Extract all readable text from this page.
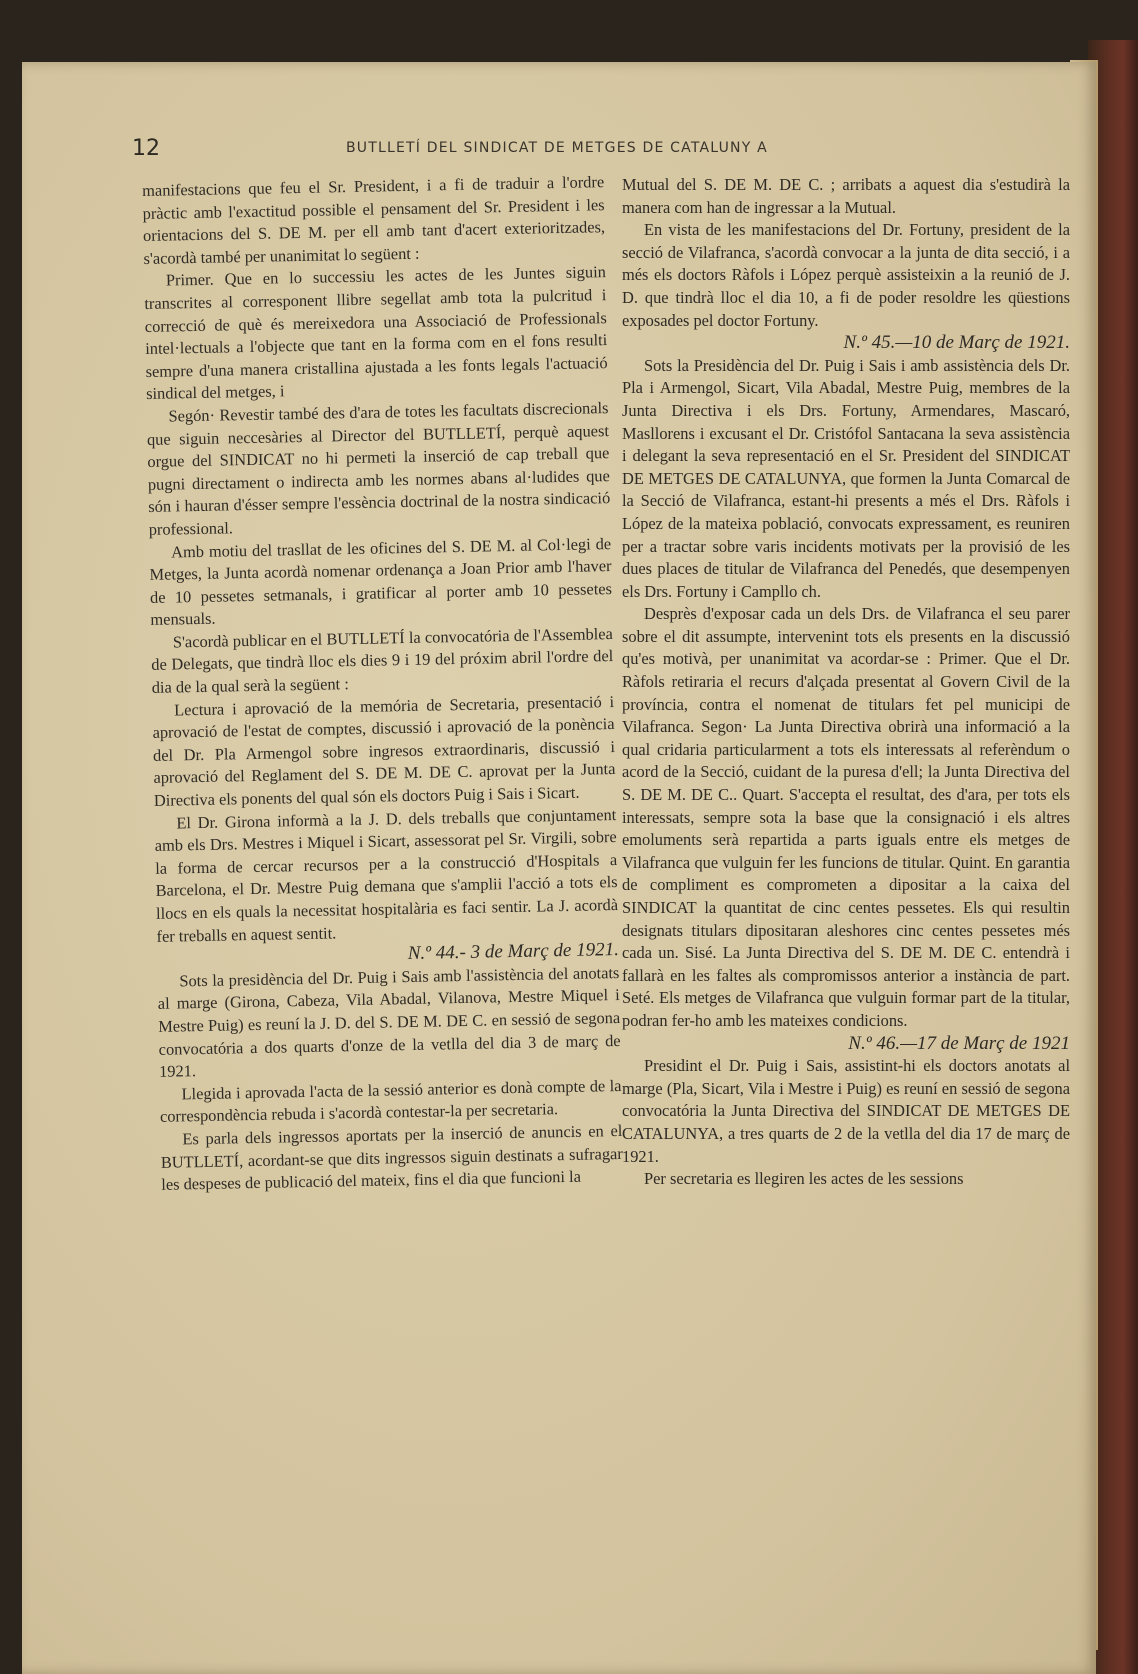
12	BUTLLETÍ DEL SINDICAT DE METGES DE CATALUNY A

manifestacions que feu el Sr. President, i a fi de traduir a l'ordre pràctic amb l'exactitud possible el pensament del Sr. President i les orientacions del S. DE M. per ell amb tant d'acert exterioritzades, s'acordà també per unanimitat lo següent :

Primer. Que en lo successiu les actes de les Juntes siguin transcrites al corresponent llibre segellat amb tota la pulcritud i correcció de què és mereixedora una Associació de Professionals intel·lectuals a l'objecte que tant en la forma com en el fons resulti sempre d'una manera cristallina ajustada a les fonts legals l'actuació sindical del metges, i

Segón· Revestir també des d'ara de totes les facultats discrecionals que siguin neccesàries al Director del BUTLLETÍ, perquè aquest orgue del SINDICAT no hi permeti la inserció de cap treball que pugni directament o indirecta amb les normes abans al·ludides que són i hauran d'ésser sempre l'essència doctrinal de la nostra sindicació professional.

Amb motiu del trasllat de les oficines del S. DE M. al Col·legi de Metges, la Junta acordà nomenar ordenança a Joan Prior amb l'haver de 10 pessetes setmanals, i gratificar al porter amb 10 pessetes mensuals.

S'acordà publicar en el BUTLLETÍ la convocatória de l'Assemblea de Delegats, que tindrà lloc els dies 9 i 19 del próxim abril l'ordre del dia de la qual serà la següent :

Lectura i aprovació de la memória de Secretaria, presentació i aprovació de l'estat de comptes, discussió i aprovació de la ponència del Dr. Pla Armengol sobre ingresos extraordinaris, discussió i aprovació del Reglament del S. DE M. DE C. aprovat per la Junta Directiva els ponents del qual són els doctors Puig i Sais i Sicart.

El Dr. Girona informà a la J. D. dels treballs que conjuntament amb els Drs. Mestres i Miquel i Sicart, assessorat pel Sr. Virgili, sobre la forma de cercar recursos per a la construcció d'Hospitals a Barcelona, el Dr. Mestre Puig demana que s'amplii l'acció a tots els llocs en els quals la necessitat hospitalària es faci sentir. La J. acordà fer treballs en aquest sentit.

N.º 44.- 3 de Març de 1921.

Sots la presidència del Dr. Puig i Sais amb l'assistència del anotats al marge (Girona, Cabeza, Vila Abadal, Vilanova, Mestre Miquel i Mestre Puig) es reuní la J. D. del S. DE M. DE C. en sessió de segona convocatória a dos quarts d'onze de la vetlla del dia 3 de març de 1921.

Llegida i aprovada l'acta de la sessió anterior es donà compte de la correspondència rebuda i s'acordà contestar-la per secretaria.

Es parla dels ingressos aportats per la inserció de anuncis en el BUTLLETÍ, acordant-se que dits ingressos siguin destinats a sufragar les despeses de publicació del mateix, fins el dia que funcioni la

Mutual del S. DE M. DE C. ; arribats a aquest dia s'estudirà la manera com han de ingressar a la Mutual.

En vista de les manifestacions del Dr. Fortuny, president de la secció de Vilafranca, s'acordà convocar a la junta de dita secció, i a més els doctors Ràfols i López perquè assisteixin a la reunió de J. D. que tindrà lloc el dia 10, a fi de poder resoldre les qüestions exposades pel doctor Fortuny.

N.º 45.—10 de Març de 1921.

Sots la Presidència del Dr. Puig i Sais i amb assistència dels Dr. Pla i Armengol, Sicart, Vila Abadal, Mestre Puig, membres de la Junta Directiva i els Drs. Fortuny, Armendares, Mascaró, Masllorens i excusant el Dr. Cristófol Santacana la seva assistència i delegant la seva representació en el Sr. President del SINDICAT DE METGES DE CATALUNYA, que formen la Junta Comarcal de la Secció de Vilafranca, estant-hi presents a més el Drs. Ràfols i López de la mateixa població, convocats expressament, es reuniren per a tractar sobre varis incidents motivats per la provisió de les dues places de titular de Vilafranca del Penedés, que desempenyen els Drs. Fortuny i Campllo ch.

Desprès d'exposar cada un dels Drs. de Vilafranca el seu parer sobre el dit assumpte, intervenint tots els presents en la discussió qu'es motivà, per unanimitat va acordar-se : Primer. Que el Dr. Ràfols retiraria el recurs d'alçada presentat al Govern Civil de la província, contra el nomenat de titulars fet pel municipi de Vilafranca. Segon· La Junta Directiva obrirà una informació a la qual cridaria particularment a tots els interessats al referèndum o acord de la Secció, cuidant de la puresa d'ell; la Junta Directiva del S. DE M. DE C.. Quart. S'accepta el resultat, des d'ara, per tots els interessats, sempre sota la base que la consignació i els altres emoluments serà repartida a parts iguals entre els metges de Vilafranca que vulguin fer les funcions de titular. Quint. En garantia de compliment es comprometen a dipositar a la caixa del SINDICAT la quantitat de cinc centes pessetes. Els qui resultin designats titulars dipositaran aleshores cinc centes pessetes més cada un. Sisé. La Junta Directiva del S. DE M. DE C. entendrà i fallarà en les faltes als compromissos anterior a instància de part. Seté. Els metges de Vilafranca que vulguin formar part de la titular, podran fer-ho amb les mateixes condicions.

N.º 46.—17 de Març de 1921

Presidint el Dr. Puig i Sais, assistint-hi els doctors anotats al marge (Pla, Sicart, Vila i Mestre i Puig) es reuní en sessió de segona convocatória la Junta Directiva del SINDICAT DE METGES DE CATALUNYA, a tres quarts de 2 de la vetlla del dia 17 de març de 1921.

Per secretaria es llegiren les actes de les sessions
